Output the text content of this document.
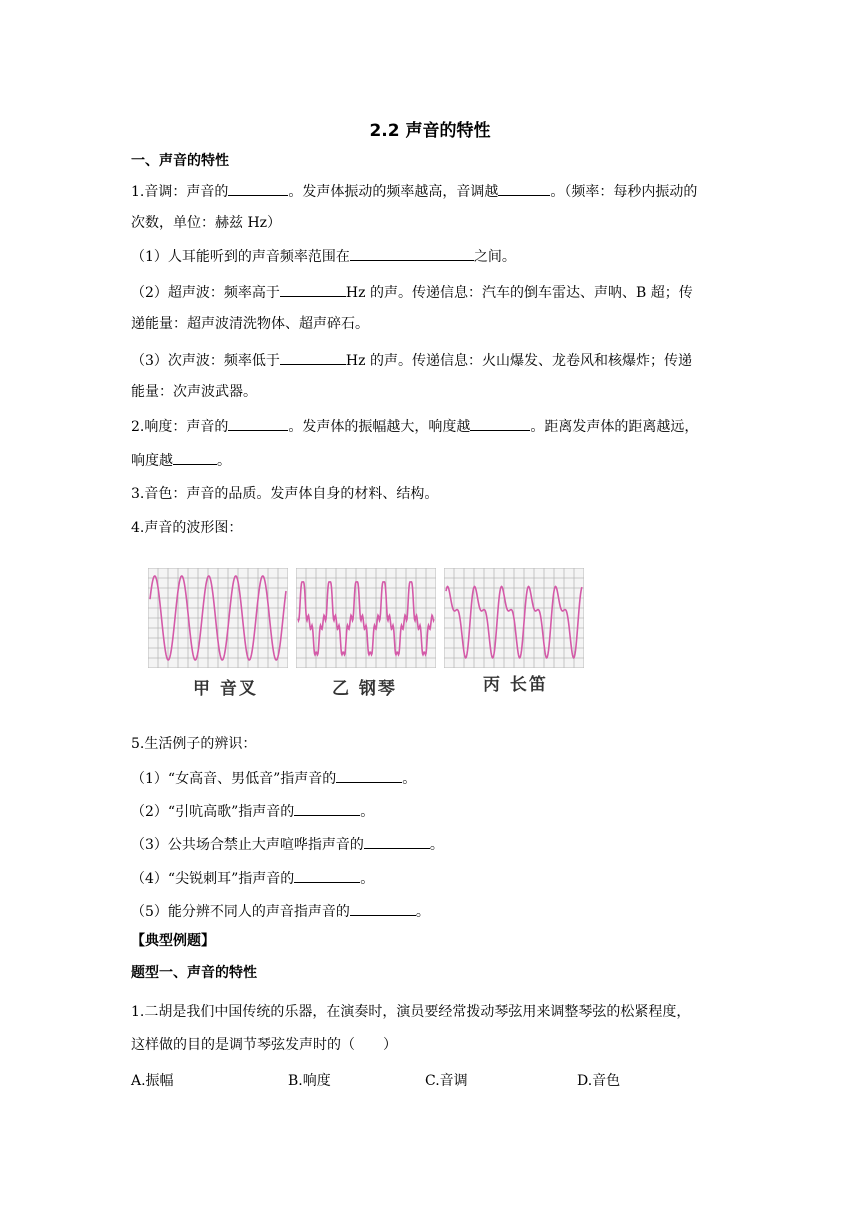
2.2 声音的特性
一、声音的特性
1.音调：声音的	。发声体振动的频率越高，音调越	。（频率：每秒内振动的
次数，单位：赫兹 Hz）
（1）人耳能听到的声音频率范围在	之间。
（2）超声波：频率高于	Hz 的声。传递信息：汽车的倒车雷达、声呐、B 超；传
递能量：超声波清洗物体、超声碎石。
（3）次声波：频率低于	Hz 的声。传递信息：火山爆发、龙卷风和核爆炸；传递
能量：次声波武器。
2.响度：声音的	。发声体的振幅越大，响度越	。距离发声体的距离越远，
响度越	。
3.音色：声音的品质。发声体自身的材料、结构。
4.声音的波形图：
甲 音叉	乙 钢琴	丙 长笛
5.生活例子的辨识：
（1）“女高音、男低音”指声音的	。
（2）“引吭高歌”指声音的	。
（3）公共场合禁止大声喧哗指声音的	。
（4）“尖锐刺耳”指声音的	。
（5）能分辨不同人的声音指声音的	。
【典型例题】
题型一、声音的特性
1.二胡是我们中国传统的乐器，在演奏时，演员要经常拨动琴弦用来调整琴弦的松紧程度，
这样做的目的是调节琴弦发声时的（　　）
A.振幅	B.响度	C.音调	D.音色
